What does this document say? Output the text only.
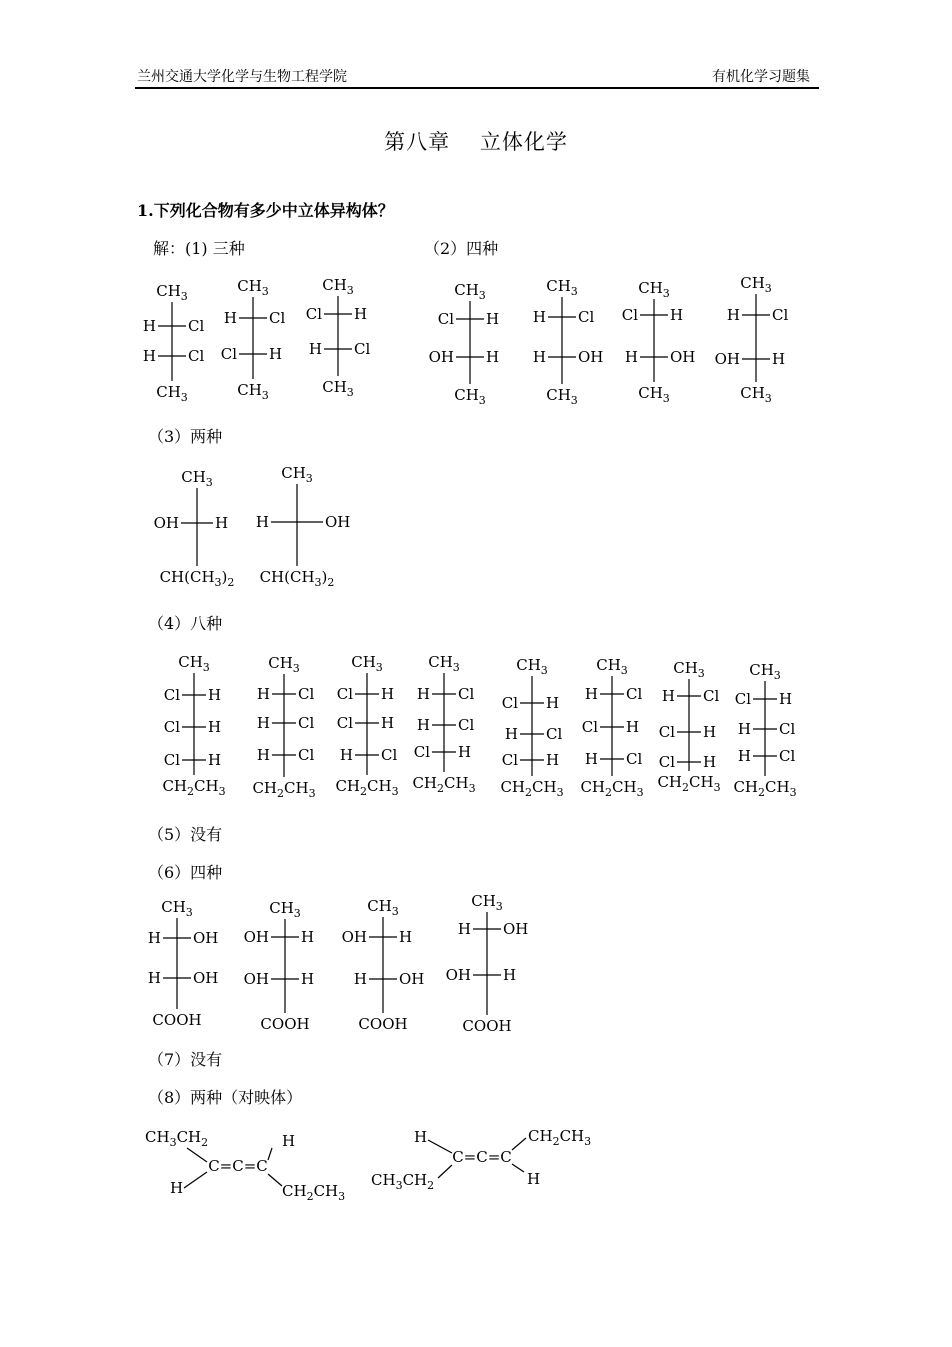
兰州交通大学化学与生物工程学院	有机化学习题集
第八章　 立体化学
1.下列化合物有多少中立体异构体？
解：(1) 三种	（2）四种
（3）两种
（4）八种
（5）没有
（6）四种
（7）没有
（8）两种（对映体）
$CH_3$
H Cl
H Cl
$CH_3$
$CH_3$
H Cl
Cl H
$CH_3$
$CH_3$
Cl H
H Cl
$CH_3$
$CH_3$
Cl H
OH H
$CH_3$
$CH_3$
H Cl
H OH
$CH_3$
$CH_3$
Cl H
H OH
$CH_3$
$CH_3$
H Cl
OH H
$CH_3$
$CH_3$
OH H
$CH(CH_3)_2$
$CH_3$
H	OH
$CH(CH_3)_2$
$CH_3$
Cl H
Cl H
Cl H
$CH_2CH_3$
$CH_3$
H Cl
H Cl
H Cl
$CH_2CH_3$
$CH_3$
Cl H
Cl H
H Cl
$CH_2CH_3$
$CH_3$
H Cl
H Cl
Cl H
$CH_2CH_3$
$CH_3$
Cl H
H Cl
Cl H
$CH_2CH_3$
$CH_3$
H Cl
Cl H
H Cl
$CH_2CH_3$
$CH_3$
H Cl
Cl H
Cl H
$CH_2CH_3$
$CH_3$
Cl H
H Cl
H Cl
$CH_2CH_3$
$CH_3$
H OH
H OH
COOH
$CH_3$
OH H
OH H
COOH
$CH_3$
OH H
H OH
COOH
$CH_3$
H OH
OH H
COOH
$CH_3CH_2$	H
C=C=C
H	$CH_2CH_3$
H	$CH_2CH_3$
C=C=C
$CH_3CH_2$	H
